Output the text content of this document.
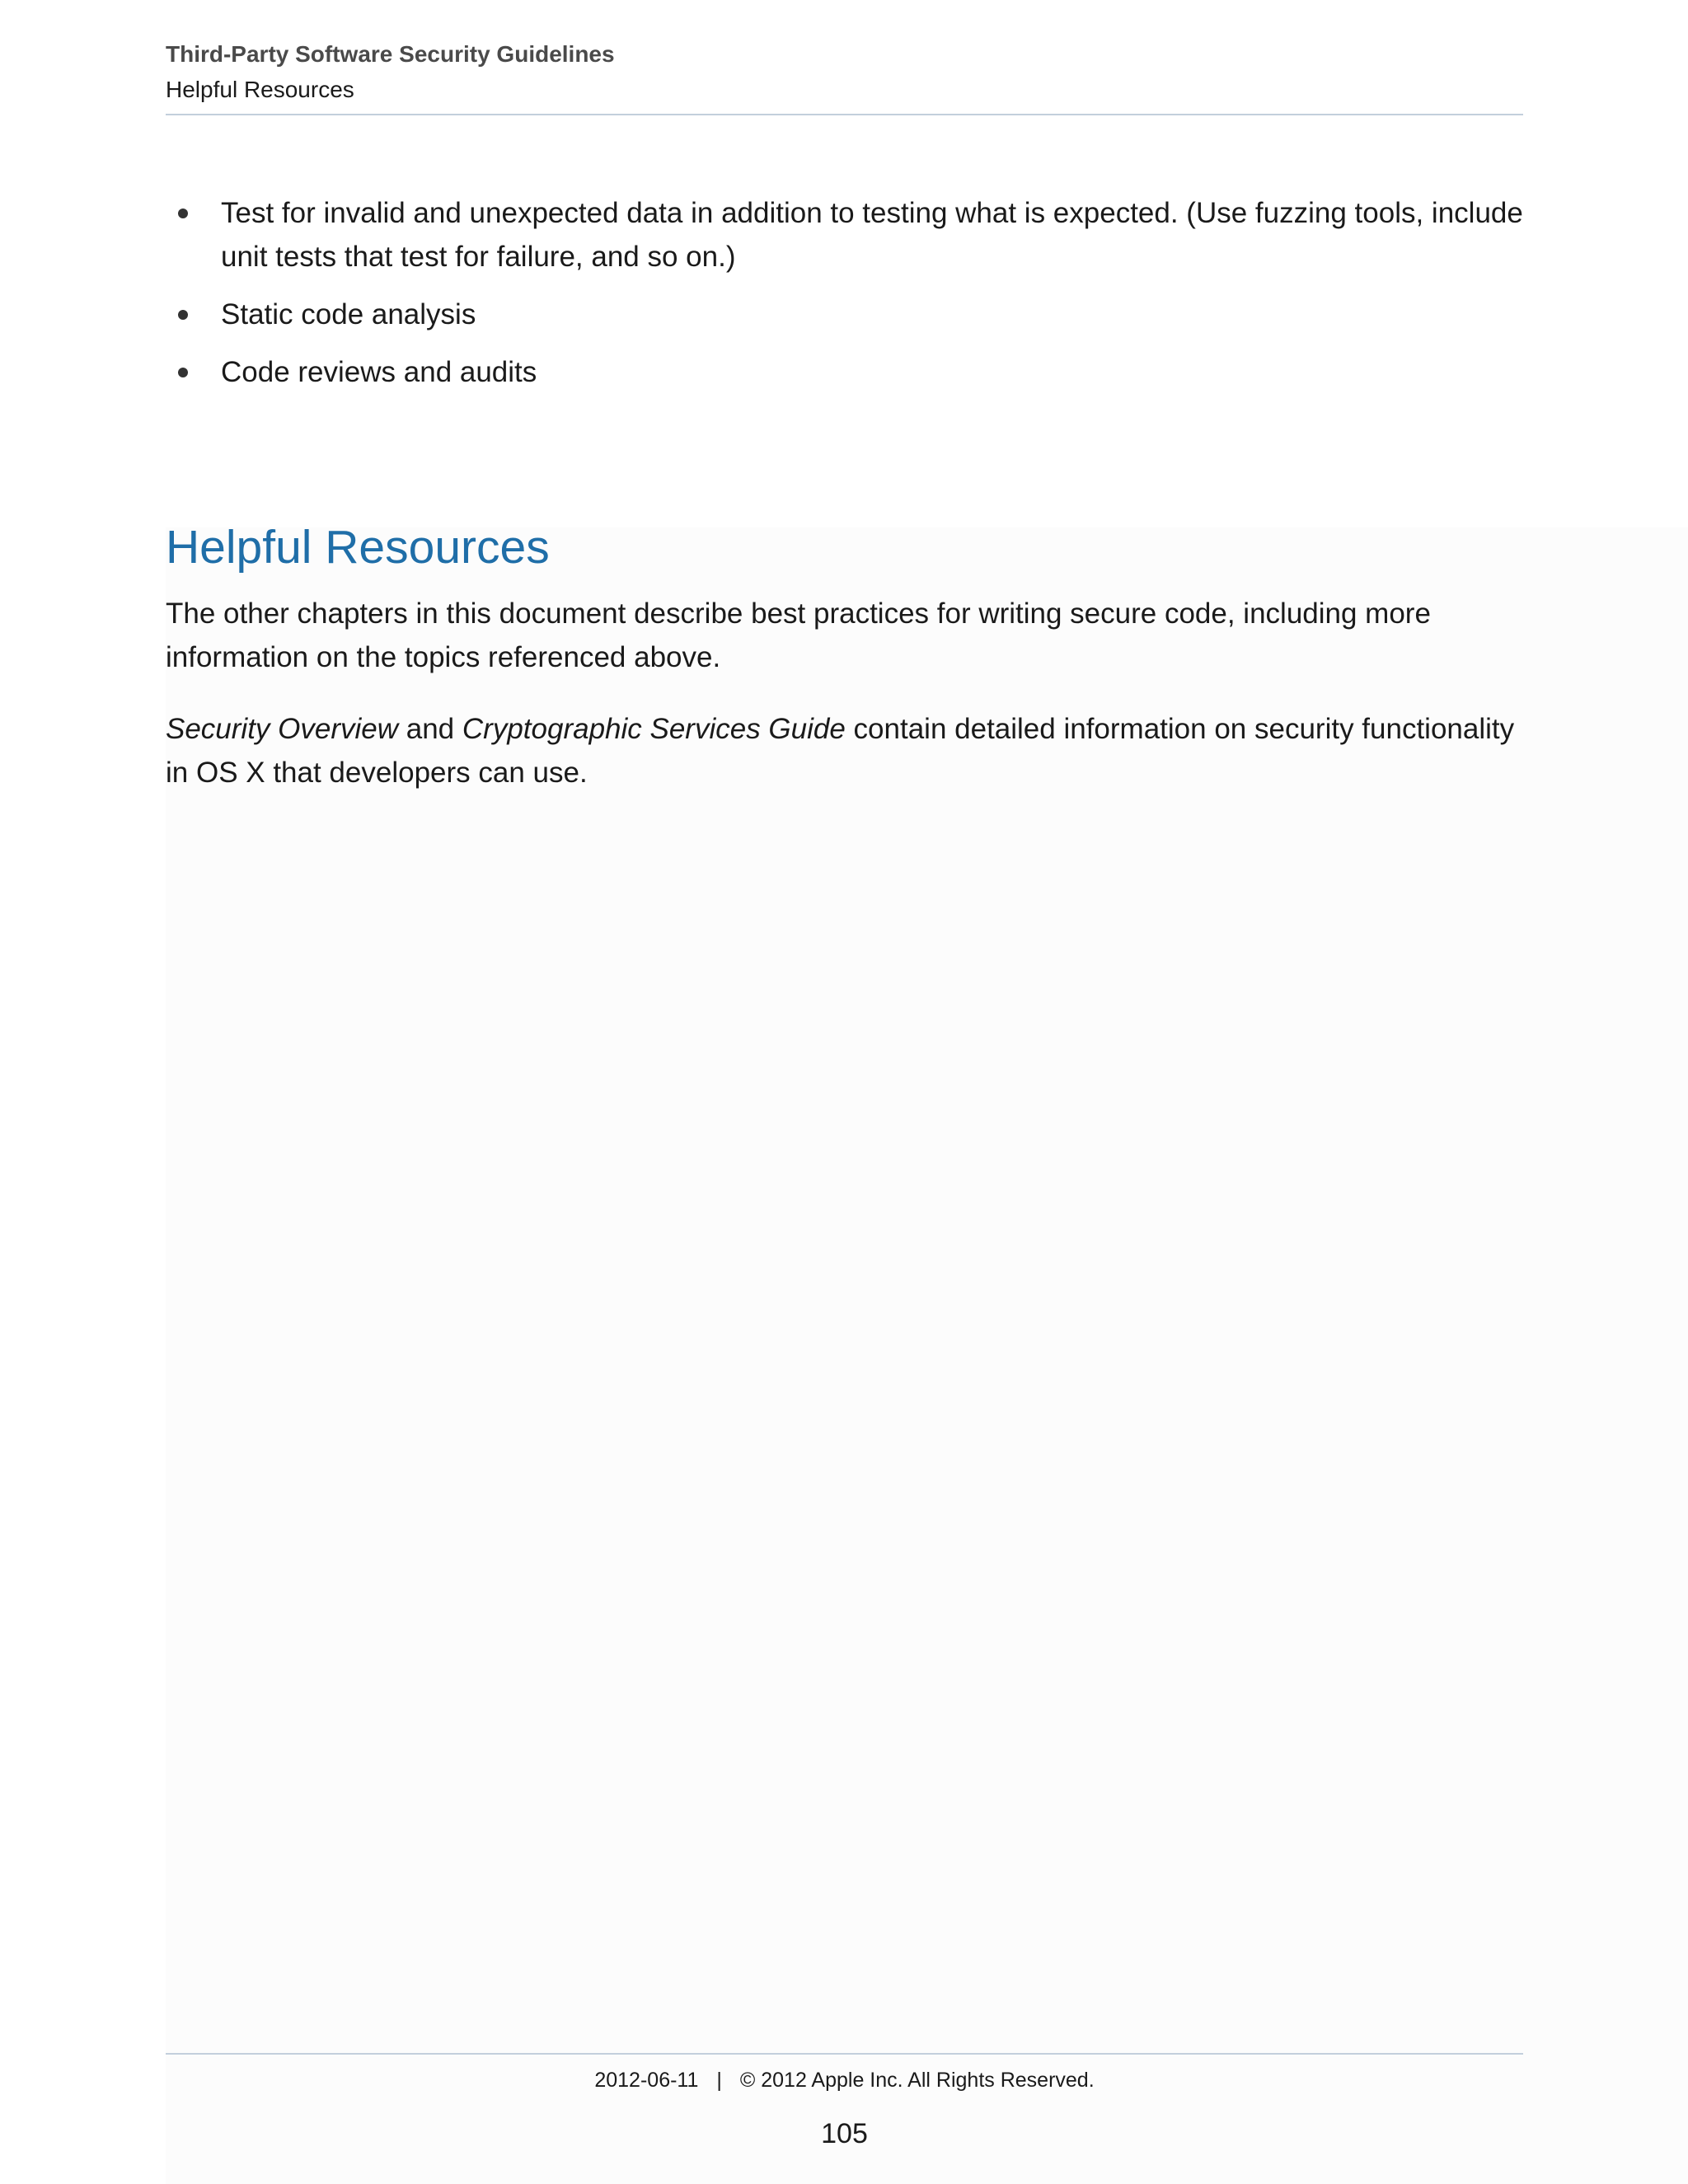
Third-Party Software Security Guidelines
Helpful Resources
Test for invalid and unexpected data in addition to testing what is expected. (Use fuzzing tools, include unit tests that test for failure, and so on.)
Static code analysis
Code reviews and audits
Helpful Resources

The other chapters in this document describe best practices for writing secure code, including more information on the topics referenced above.

Security Overview and Cryptographic Services Guide contain detailed information on security functionality in OS X that developers can use.

2012-06-11 | © 2012 Apple Inc. All Rights Reserved.
105
